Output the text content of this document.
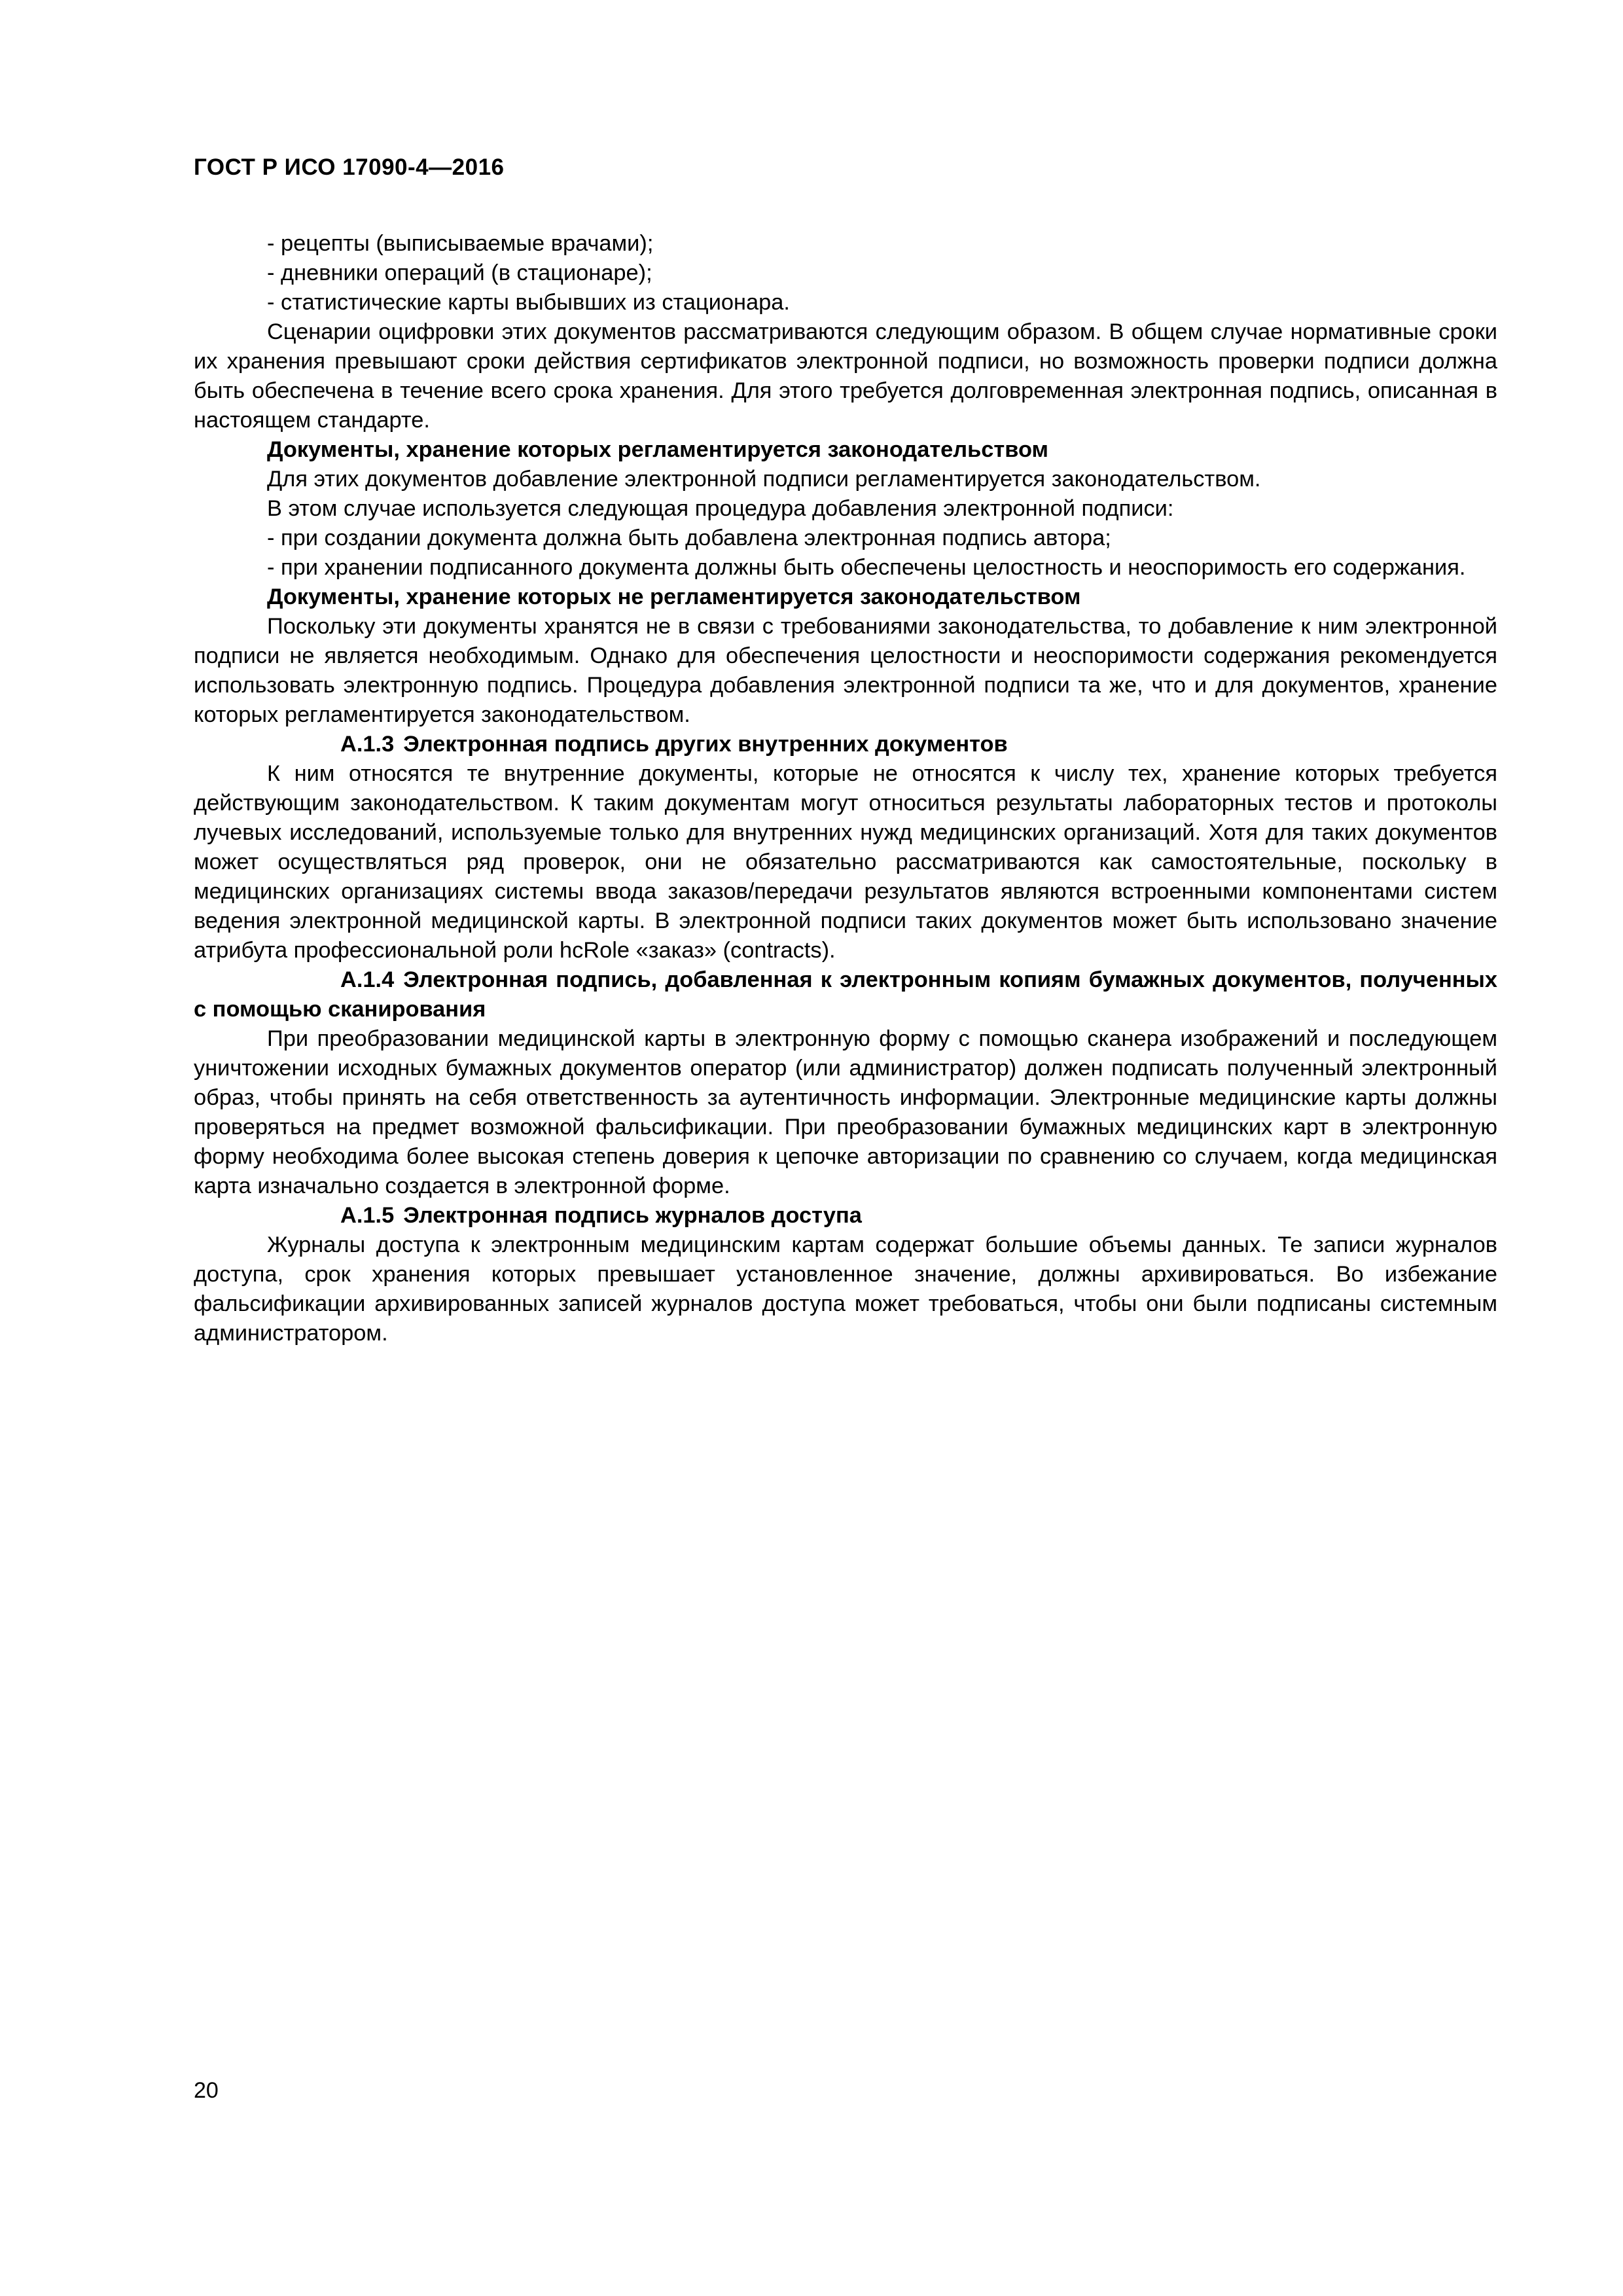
ГОСТ Р ИСО 17090-4—2016

- рецепты (выписываемые врачами);

- дневники операций (в стационаре);

- статистические карты выбывших из стационара.

Сценарии оцифровки этих документов рассматриваются следующим образом. В общем случае нормативные сроки их хранения превышают сроки действия сертификатов электронной подписи, но возможность проверки подписи должна быть обеспечена в течение всего срока хранения. Для этого требуется долговременная электронная подпись, описанная в настоящем стандарте.

Документы, хранение которых регламентируется законодательством

Для этих документов добавление электронной подписи регламентируется законодательством.

В этом случае используется следующая процедура добавления электронной подписи:

- при создании документа должна быть добавлена электронная подпись автора;

- при хранении подписанного документа должны быть обеспечены целостность и неоспоримость его содержания.

Документы, хранение которых не регламентируется законодательством

Поскольку эти документы хранятся не в связи с требованиями законодательства, то добавление к ним электронной подписи не является необходимым. Однако для обеспечения целостности и неоспоримости содержания рекомендуется использовать электронную подпись. Процедура добавления электронной подписи та же, что и для документов, хранение которых регламентируется законодательством.

А.1.3 Электронная подпись других внутренних документов

К ним относятся те внутренние документы, которые не относятся к числу тех, хранение которых требуется действующим законодательством. К таким документам могут относиться результаты лабораторных тестов и протоколы лучевых исследований, используемые только для внутренних нужд медицинских организаций. Хотя для таких документов может осуществляться ряд проверок, они не обязательно рассматриваются как самостоятельные, поскольку в медицинских организациях системы ввода заказов/передачи результатов являются встроенными компонентами систем ведения электронной медицинской карты. В электронной подписи таких документов может быть использовано значение атрибута профессиональной роли hcRole «заказ» (contracts).

А.1.4 Электронная подпись, добавленная к электронным копиям бумажных документов, полученных с помощью сканирования

При преобразовании медицинской карты в электронную форму с помощью сканера изображений и последующем уничтожении исходных бумажных документов оператор (или администратор) должен подписать полученный электронный образ, чтобы принять на себя ответственность за аутентичность информации. Электронные медицинские карты должны проверяться на предмет возможной фальсификации. При преобразовании бумажных медицинских карт в электронную форму необходима более высокая степень доверия к цепочке авторизации по сравнению со случаем, когда медицинская карта изначально создается в электронной форме.

А.1.5 Электронная подпись журналов доступа

Журналы доступа к электронным медицинским картам содержат большие объемы данных. Те записи журналов доступа, срок хранения которых превышает установленное значение, должны архивироваться. Во избежание фальсификации архивированных записей журналов доступа может требоваться, чтобы они были подписаны системным администратором.

20
